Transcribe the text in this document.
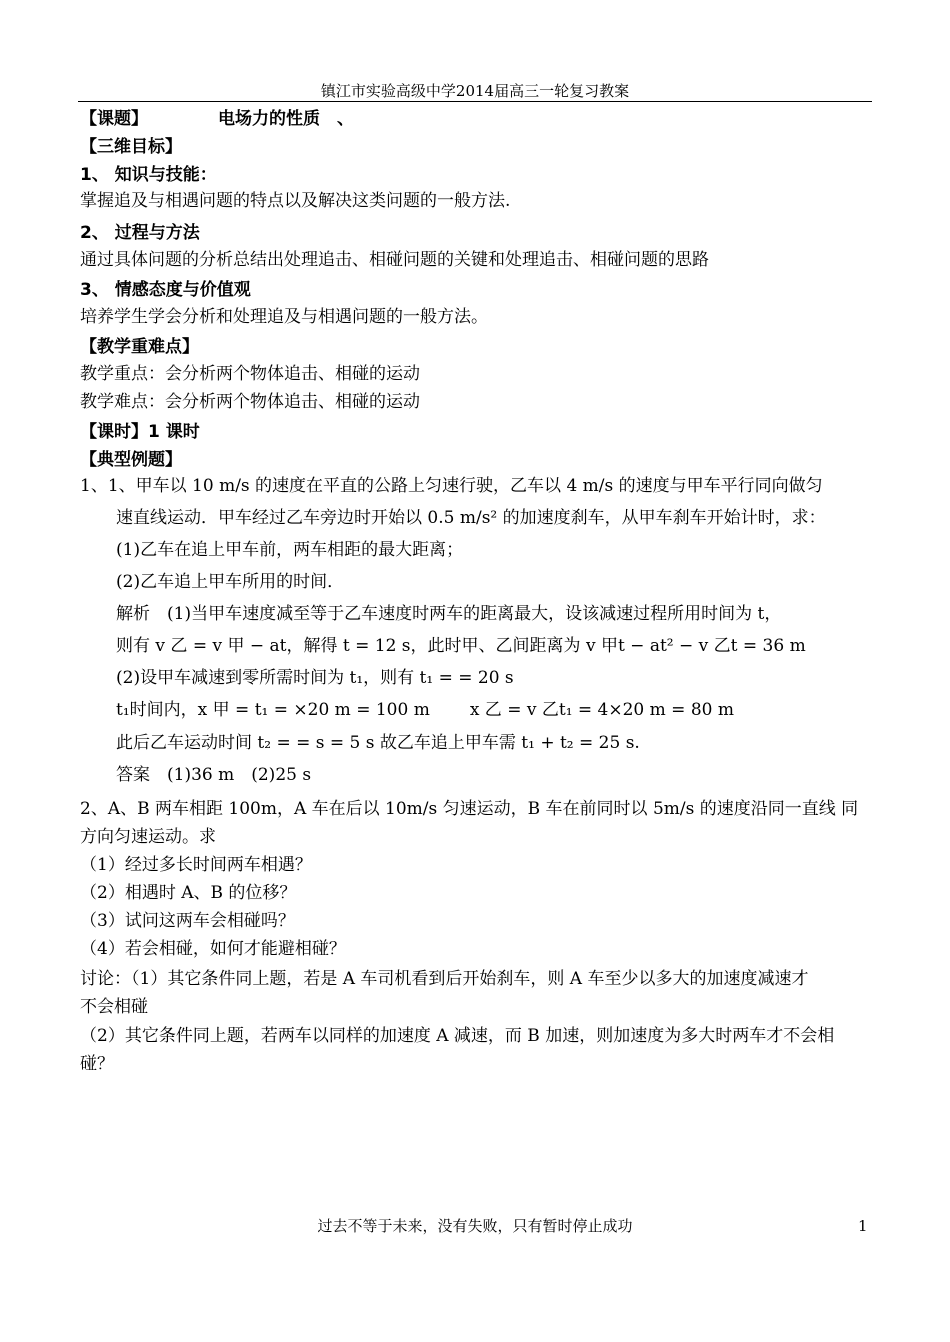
镇江市实验高级中学2014届高三一轮复习教案
【课题】	电场力的性质　、
【三维目标】
1、 知识与技能：
掌握追及与相遇问题的特点以及解决这类问题的一般方法.
2、 过程与方法
通过具体问题的分析总结出处理追击、相碰问题的关键和处理追击、相碰问题的思路
3、 情感态度与价值观
培养学生学会分析和处理追及与相遇问题的一般方法。
【教学重难点】
教学重点：会分析两个物体追击、相碰的运动
教学难点：会分析两个物体追击、相碰的运动
【课时】1 课时
【典型例题】
1、1、甲车以 10 m/s 的速度在平直的公路上匀速行驶，乙车以 4 m/s 的速度与甲车平行同向做匀
速直线运动．甲车经过乙车旁边时开始以 0.5 m/s² 的加速度刹车，从甲车刹车开始计时，求：
(1)乙车在追上甲车前，两车相距的最大距离；
(2)乙车追上甲车所用的时间．
解析　(1)当甲车速度减至等于乙车速度时两车的距离最大，设该减速过程所用时间为 t，
则有 v 乙 = v 甲 − at，解得 t = 12 s，此时甲、乙间距离为 v 甲t − at² − v 乙t = 36 m
(2)设甲车减速到零所需时间为 t₁，则有 t₁ = = 20 s
t₁时间内，x 甲 = t₁ = ×20 m = 100 m x 乙 = v 乙t₁ = 4×20 m = 80 m
此后乙车运动时间 t₂ = = s = 5 s 故乙车追上甲车需 t₁ + t₂ = 25 s.
答案　(1)36 m　(2)25 s
2、A、B 两车相距 100m，A 车在后以 10m/s 匀速运动，B 车在前同时以 5m/s 的速度沿同一直线 同
方向匀速运动。求
（1）经过多长时间两车相遇？
（2）相遇时 A、B 的位移？
（3）试问这两车会相碰吗？
（4）若会相碰，如何才能避相碰？
讨论：（1）其它条件同上题，若是 A 车司机看到后开始刹车，则 A 车至少以多大的加速度减速才
不会相碰
（2）其它条件同上题，若两车以同样的加速度 A 减速，而 B 加速，则加速度为多大时两车才不会相
碰？
过去不等于未来，没有失败，只有暂时停止成功	1
